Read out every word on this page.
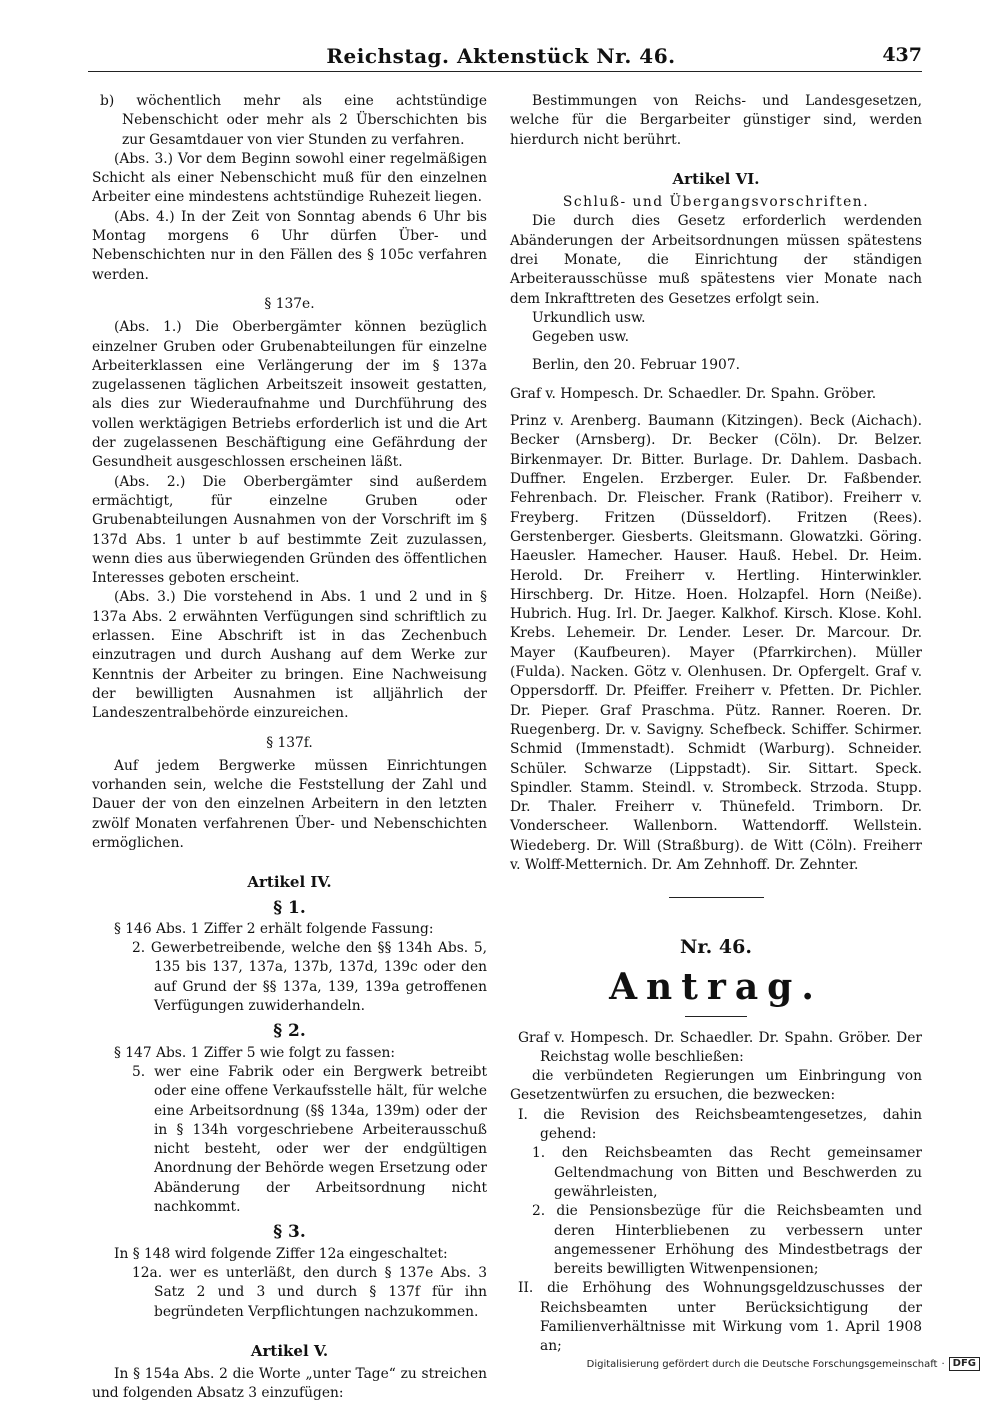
Reichstag. Aktenstück Nr. 46.	437

b) wöchentlich mehr als eine achtstündige Nebenschicht oder mehr als 2 Überschichten bis zur Gesamtdauer von vier Stunden zu verfahren.

(Abs. 3.) Vor dem Beginn sowohl einer regelmäßigen Schicht als einer Nebenschicht muß für den einzelnen Arbeiter eine mindestens achtstündige Ruhezeit liegen.

(Abs. 4.) In der Zeit von Sonntag abends 6 Uhr bis Montag morgens 6 Uhr dürfen Über- und Nebenschichten nur in den Fällen des § 105c verfahren werden.

§ 137e.

(Abs. 1.) Die Oberbergämter können bezüglich einzelner Gruben oder Grubenabteilungen für einzelne Arbeiterklassen eine Verlängerung der im § 137a zugelassenen täglichen Arbeitszeit insoweit gestatten, als dies zur Wiederaufnahme und Durchführung des vollen werktägigen Betriebs erforderlich ist und die Art der zugelassenen Beschäftigung eine Gefährdung der Gesundheit ausgeschlossen erscheinen läßt.

(Abs. 2.) Die Oberbergämter sind außerdem ermächtigt, für einzelne Gruben oder Grubenabteilungen Ausnahmen von der Vorschrift im § 137d Abs. 1 unter b auf bestimmte Zeit zuzulassen, wenn dies aus überwiegenden Gründen des öffentlichen Interesses geboten erscheint.

(Abs. 3.) Die vorstehend in Abs. 1 und 2 und in § 137a Abs. 2 erwähnten Verfügungen sind schriftlich zu erlassen. Eine Abschrift ist in das Zechenbuch einzutragen und durch Aushang auf dem Werke zur Kenntnis der Arbeiter zu bringen. Eine Nachweisung der bewilligten Ausnahmen ist alljährlich der Landeszentralbehörde einzureichen.

§ 137f.

Auf jedem Bergwerke müssen Einrichtungen vorhanden sein, welche die Feststellung der Zahl und Dauer der von den einzelnen Arbeitern in den letzten zwölf Monaten verfahrenen Über- und Nebenschichten ermöglichen.

Artikel IV.

§ 1.

§ 146 Abs. 1 Ziffer 2 erhält folgende Fassung:

2. Gewerbetreibende, welche den §§ 134h Abs. 5, 135 bis 137, 137a, 137b, 137d, 139c oder den auf Grund der §§ 137a, 139, 139a getroffenen Verfügungen zuwiderhandeln.

§ 2.

§ 147 Abs. 1 Ziffer 5 wie folgt zu fassen:

5. wer eine Fabrik oder ein Bergwerk betreibt oder eine offene Verkaufsstelle hält, für welche eine Arbeitsordnung (§§ 134a, 139m) oder der in § 134h vorgeschriebene Arbeiterausschuß nicht besteht, oder wer der endgültigen Anordnung der Behörde wegen Ersetzung oder Abänderung der Arbeitsordnung nicht nachkommt.

§ 3.

In § 148 wird folgende Ziffer 12a eingeschaltet:

12a. wer es unterläßt, den durch § 137e Abs. 3 Satz 2 und 3 und durch § 137f für ihn begründeten Verpflichtungen nachzukommen.

Artikel V.

In § 154a Abs. 2 die Worte „unter Tage“ zu streichen und folgenden Absatz 3 einzufügen:

Bestimmungen von Reichs- und Landesgesetzen, welche für die Bergarbeiter günstiger sind, werden hierdurch nicht berührt.

Artikel VI.

Schluß- und Übergangsvorschriften.

Die durch dies Gesetz erforderlich werdenden Abänderungen der Arbeitsordnungen müssen spätestens drei Monate, die Einrichtung der ständigen Arbeiterausschüsse muß spätestens vier Monate nach dem Inkrafttreten des Gesetzes erfolgt sein.

Urkundlich usw.

Gegeben usw.

Berlin, den 20. Februar 1907.

Graf v. Hompesch. Dr. Schaedler. Dr. Spahn. Gröber.

Prinz v. Arenberg. Baumann (Kitzingen). Beck (Aichach). Becker (Arnsberg). Dr. Becker (Cöln). Dr. Belzer. Birkenmayer. Dr. Bitter. Burlage. Dr. Dahlem. Dasbach. Duffner. Engelen. Erzberger. Euler. Dr. Faßbender. Fehrenbach. Dr. Fleischer. Frank (Ratibor). Freiherr v. Freyberg. Fritzen (Düsseldorf). Fritzen (Rees). Gerstenberger. Giesberts. Gleitsmann. Glowatzki. Göring. Haeusler. Hamecher. Hauser. Hauß. Hebel. Dr. Heim. Herold. Dr. Freiherr v. Hertling. Hinterwinkler. Hirschberg. Dr. Hitze. Hoen. Holzapfel. Horn (Neiße). Hubrich. Hug. Irl. Dr. Jaeger. Kalkhof. Kirsch. Klose. Kohl. Krebs. Lehemeir. Dr. Lender. Leser. Dr. Marcour. Dr. Mayer (Kaufbeuren). Mayer (Pfarrkirchen). Müller (Fulda). Nacken. Götz v. Olenhusen. Dr. Opfergelt. Graf v. Oppersdorff. Dr. Pfeiffer. Freiherr v. Pfetten. Dr. Pichler. Dr. Pieper. Graf Praschma. Pütz. Ranner. Roeren. Dr. Ruegenberg. Dr. v. Savigny. Schefbeck. Schiffer. Schirmer. Schmid (Immenstadt). Schmidt (Warburg). Schneider. Schüler. Schwarze (Lippstadt). Sir. Sittart. Speck. Spindler. Stamm. Steindl. v. Strombeck. Strzoda. Stupp. Dr. Thaler. Freiherr v. Thünefeld. Trimborn. Dr. Vonderscheer. Wallenborn. Wattendorff. Wellstein. Wiedeberg. Dr. Will (Straßburg). de Witt (Cöln). Freiherr v. Wolff-Metternich. Dr. Am Zehnhoff. Dr. Zehnter.

Nr. 46.

Antrag.

Graf v. Hompesch. Dr. Schaedler. Dr. Spahn. Gröber. Der Reichstag wolle beschließen:

die verbündeten Regierungen um Einbringung von Gesetzentwürfen zu ersuchen, die bezwecken:

I. die Revision des Reichsbeamtengesetzes, dahin gehend:

1. den Reichsbeamten das Recht gemeinsamer Geltendmachung von Bitten und Beschwerden zu gewährleisten,

2. die Pensionsbezüge für die Reichsbeamten und deren Hinterbliebenen zu verbessern unter angemessener Erhöhung des Mindestbetrags der bereits bewilligten Witwenpensionen;

II. die Erhöhung des Wohnungsgeldzuschusses der Reichsbeamten unter Berücksichtigung der Familienverhältnisse mit Wirkung vom 1. April 1908 an;

Digitalisierung gefördert durch die Deutsche Forschungsgemeinschaft · DFG
